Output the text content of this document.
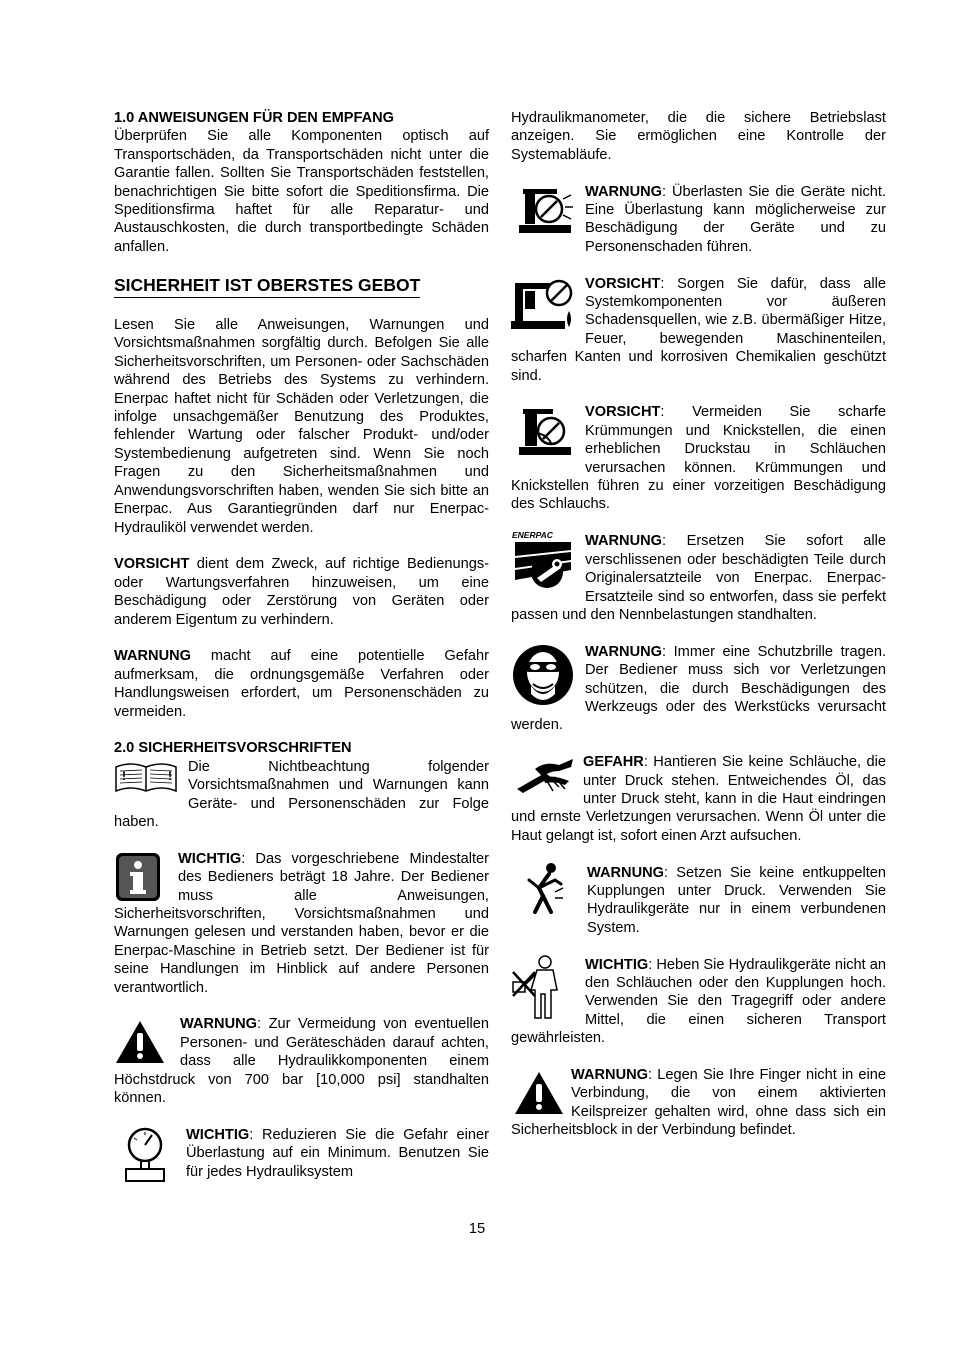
1.0 ANWEISUNGEN FÜR DEN EMPFANG

Überprüfen Sie alle Komponenten optisch auf Transportschäden, da Transportschäden nicht unter die Garantie fallen. Sollten Sie Transportschäden feststellen, benachrichtigen Sie bitte sofort die Speditionsfirma. Die Speditionsfirma haftet für alle Reparatur- und Austauschkosten, die durch transportbedingte Schäden anfallen.

SICHERHEIT IST OBERSTES GEBOT

Lesen Sie alle Anweisungen, Warnungen und Vorsichtsmaßnahmen sorgfältig durch. Befolgen Sie alle Sicherheitsvorschriften, um Personen- oder Sachschäden während des Betriebs des Systems zu verhindern. Enerpac haftet nicht für Schäden oder Verletzungen, die infolge unsachgemäßer Benutzung des Produktes, fehlender Wartung oder falscher Produkt- und/oder Systembedienung aufgetreten sind. Wenn Sie noch Fragen zu den Sicherheitsmaßnahmen und Anwendungsvorschriften haben, wenden Sie sich bitte an Enerpac. Aus Garantiegründen darf nur Enerpac-Hydrauliköl verwendet werden.

VORSICHT dient dem Zweck, auf richtige Bedienungs- oder Wartungsverfahren hinzuweisen, um eine Beschädigung oder Zerstörung von Geräten oder anderem Eigentum zu verhindern.

WARNUNG macht auf eine potentielle Gefahr aufmerksam, die ordnungsgemäße Verfahren oder Handlungsweisen erfordert, um Personenschäden zu vermeiden.

2.0 SICHERHEITSVORSCHRIFTEN

!	!

Die Nichtbeachtung folgender Vorsichtsmaßnahmen und Warnungen kann Geräte- und Personenschäden zur Folge haben.

WICHTIG: Das vorgeschriebene Mindestalter des Bedieners beträgt 18 Jahre. Der Bediener muss alle Anweisungen, Sicherheitsvorschriften, Vorsichtsmaßnahmen und Warnungen gelesen und verstanden haben, bevor er die Enerpac-Maschine in Betrieb setzt. Der Bediener ist für seine Handlungen im Hinblick auf andere Personen verantwortlich.

WARNUNG: Zur Vermeidung von eventuellen Personen- und Geräteschäden darauf achten, dass alle Hydraulikkomponenten einem Höchstdruck von 700 bar [10,000 psi] standhalten können.

WICHTIG: Reduzieren Sie die Gefahr einer Überlastung auf ein Minimum. Benutzen Sie für jedes Hydrauliksystem

Hydraulikmanometer, die die sichere Betriebslast anzeigen. Sie ermöglichen eine Kontrolle der Systemabläufe.

WARNUNG: Überlasten Sie die Geräte nicht. Eine Überlastung kann möglicherweise zur Beschädigung der Geräte und zu Personenschaden führen.

VORSICHT: Sorgen Sie dafür, dass alle Systemkomponenten vor äußeren Schadensquellen, wie z.B. übermäßiger Hitze, Feuer, bewegenden Maschinenteilen, scharfen Kanten und korrosiven Chemikalien geschützt sind.

VORSICHT: Vermeiden Sie scharfe Krümmungen und Knickstellen, die einen erheblichen Druckstau in Schläuchen verursachen können. Krümmungen und Knickstellen führen zu einer vorzeitigen Beschädigung des Schlauchs.

ENERPAC	WARNUNG: Ersetzen Sie sofort alle verschlissenen oder beschädigten Teile durch Originalersatzteile von Enerpac. Enerpac-Ersatzteile sind so entworfen, dass sie perfekt passen und den Nennbelastungen standhalten.

WARNUNG: Immer eine Schutzbrille tragen. Der Bediener muss sich vor Verletzungen schützen, die durch Beschädigungen des Werkzeugs oder des Werkstücks verursacht werden.

GEFAHR: Hantieren Sie keine Schläuche, die unter Druck stehen. Entweichendes Öl, das unter Druck steht, kann in die Haut eindringen und ernste Verletzungen verursachen. Wenn Öl unter die Haut gelangt ist, sofort einen Arzt aufsuchen.

WARNUNG: Setzen Sie keine entkuppelten Kupplungen unter Druck. Verwenden Sie Hydraulikgeräte nur in einem verbundenen System.

WICHTIG: Heben Sie Hydraulikgeräte nicht an den Schläuchen oder den Kupplungen hoch. Verwenden Sie den Tragegriff oder andere Mittel, die einen sicheren Transport gewährleisten.

WARNUNG: Legen Sie Ihre Finger nicht in eine Verbindung, die von einem aktivierten Keilspreizer gehalten wird, ohne dass sich ein Sicherheitsblock in der Verbindung befindet.

15
